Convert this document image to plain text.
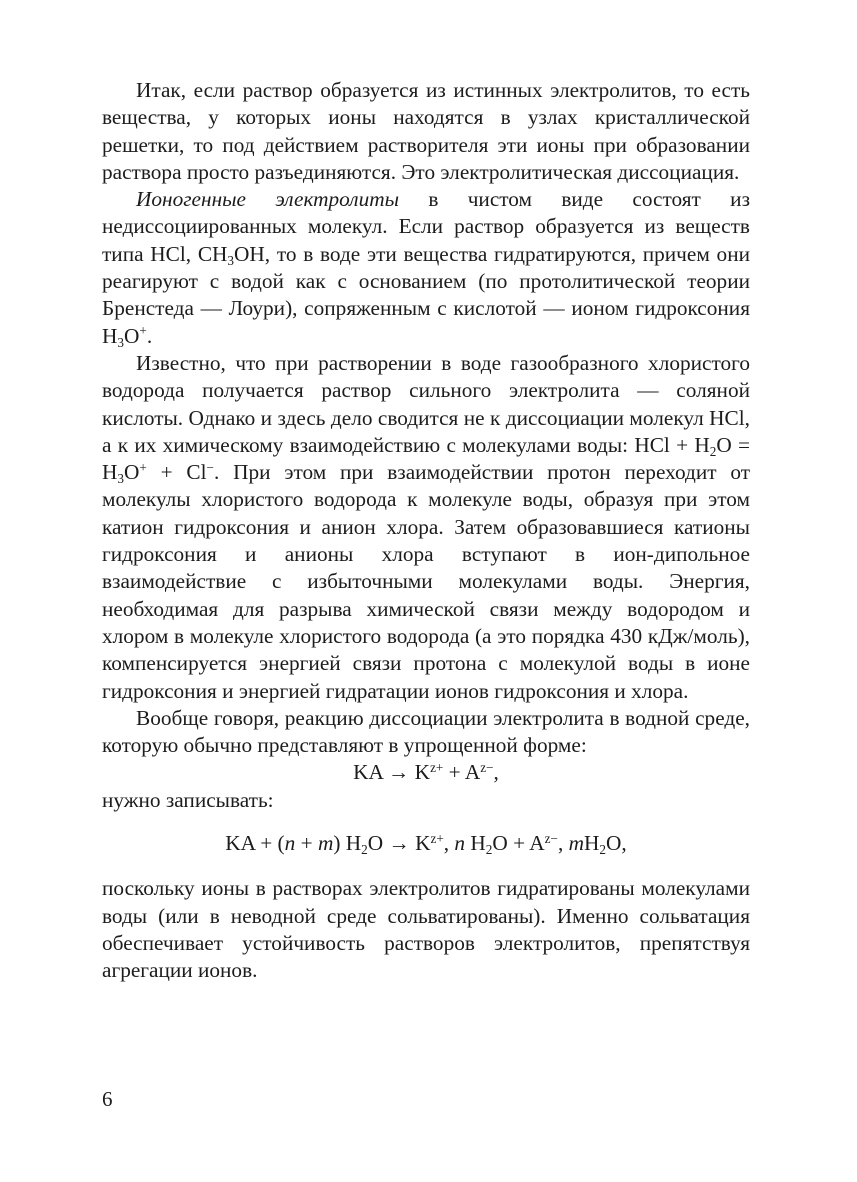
Итак, если раствор образуется из истинных электролитов, то есть вещества, у которых ионы находятся в узлах кристаллической решетки, то под действием растворителя эти ионы при образовании раствора просто разъединяются. Это электролитическая диссоциация.

Ионогенные электролиты в чистом виде состоят из недиссоциированных молекул. Если раствор образуется из веществ типа HCl, $CH_3OH$, то в воде эти вещества гидратируются, причем они реагируют с водой как с основанием (по протолитической теории Бренстеда — Лоури), сопряженным с кислотой — ионом гидроксония $H_3O^+$.

Известно, что при растворении в воде газообразного хлористого водорода получается раствор сильного электролита — соляной кислоты. Однако и здесь дело сводится не к диссоциации молекул HCl, а к их химическому взаимодействию с молекулами воды: HCl + $H_2O = H_3O^+ + Cl^-$. При этом при взаимодействии протон переходит от молекулы хлористого водорода к молекуле воды, образуя при этом катион гидроксония и анион хлора. Затем образовавшиеся катионы гидроксония и анионы хлора вступают в ион-дипольное взаимодействие с избыточными молекулами воды. Энергия, необходимая для разрыва химической связи между водородом и хлором в молекуле хлористого водорода (а это порядка 430 кДж/моль), компенсируется энергией связи протона с молекулой воды в ионе гидроксония и энергией гидратации ионов гидроксония и хлора.

Вообще говоря, реакцию диссоциации электролита в водной среде, которую обычно представляют в упрощенной форме:

KA → $K^{z+} + A^{z-}$,

нужно записывать:

KA + (n + m) $H_2O \to K^{z+}$, n $H_2O + A^{z-}$, $mH_2O$,

поскольку ионы в растворах электролитов гидратированы молекулами воды (или в неводной среде сольватированы). Именно сольватация обеспечивает устойчивость растворов электролитов, препятствуя агрегации ионов.

6
